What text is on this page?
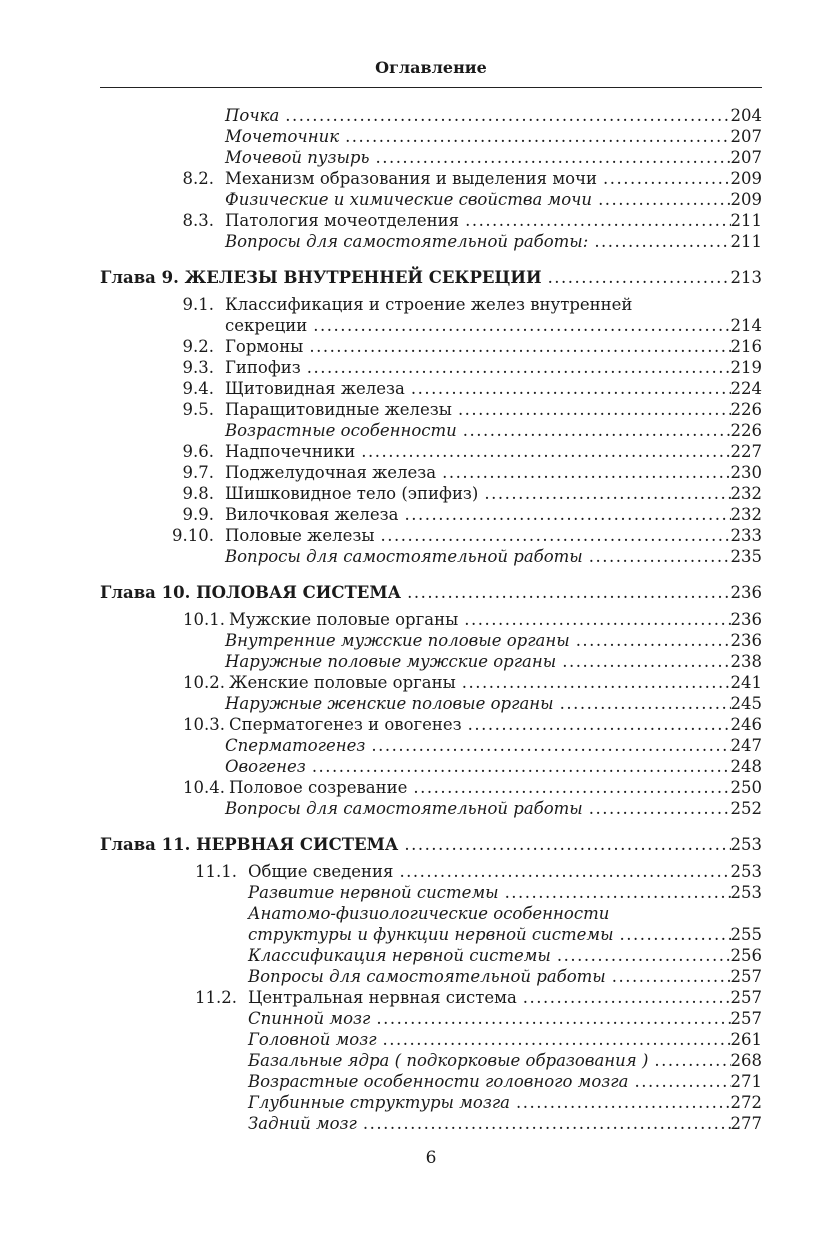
Оглавление
Почка .....	204
Мочеточник .....	207
Мочевой пузырь .....	207
8.2. Механизм образования и выделения мочи .....	209
Физические и химические свойства мочи .....	209
8.3. Патология мочеотделения .....	211
Вопросы для самостоятельной работы: .....	211
Глава 9. ЖЕЛЕЗЫ ВНУТРЕННЕЙ СЕКРЕЦИИ .....	213
9.1. Классификация и строение желез внутренней
секреции .....	214
9.2. Гормоны .....	216
9.3. Гипофиз .....	219
9.4. Щитовидная железа .....	224
9.5. Паращитовидные железы .....	226
Возрастные особенности .....	226
9.6. Надпочечники .....	227
9.7. Поджелудочная железа .....	230
9.8. Шишковидное тело (эпифиз) .....	232
9.9. Вилочковая железа .....	232
9.10. Половые железы .....	233
Вопросы для самостоятельной работы .....	235
Глава 10. ПОЛОВАЯ СИСТЕМА .....	236
10.1. Мужские половые органы .....	236
Внутренние мужские половые органы .....	236
Наружные половые мужские органы .....	238
10.2. Женские половые органы .....	241
Наружные женские половые органы .....	245
10.3. Сперматогенез и овогенез .....	246
Сперматогенез .....	247
Овогенез .....	248
10.4. Половое созревание .....	250
Вопросы для самостоятельной работы .....	252
Глава 11. НЕРВНАЯ СИСТЕМА .....	253
11.1. Общие сведения .....	253
Развитие нервной системы .....	253
Анатомо-физиологические особенности
структуры и функции нервной системы .....	255
Классификация нервной системы .....	256
Вопросы для самостоятельной работы .....	257
11.2. Центральная нервная система .....	257
Спинной мозг .....	257
Головной мозг .....	261
Базальные ядра ( подкорковые образования ) .....	268
Возрастные особенности головного мозга .....	271
Глубинные структуры мозга .....	272
Задний мозг .....	277
6
